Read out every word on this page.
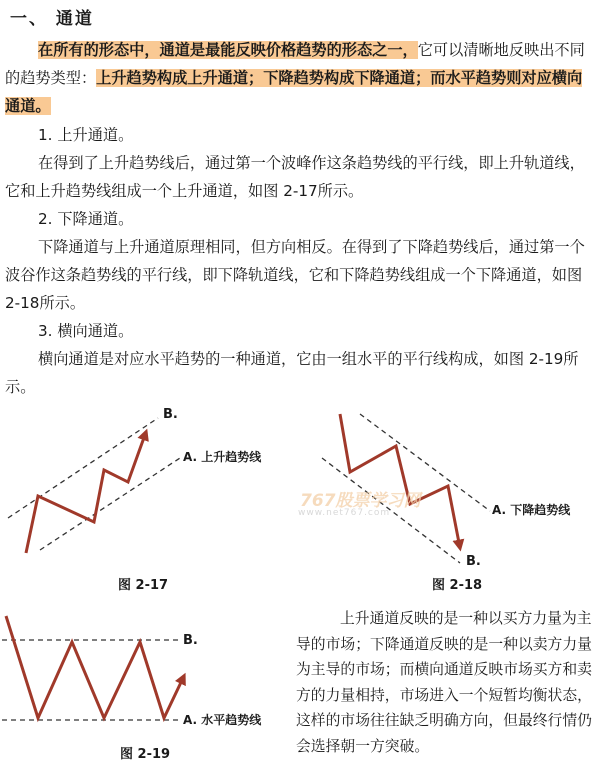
一、 通道

在所有的形态中，通道是最能反映价格趋势的形态之一，它可以清晰地反映出不同的趋势类型：上升趋势构成上升通道；下降趋势构成下降通道；而水平趋势则对应横向通道。

1. 上升通道。

在得到了上升趋势线后，通过第一个波峰作这条趋势线的平行线，即上升轨道线，它和上升趋势线组成一个上升通道，如图 2-17所示。

2. 下降通道。

下降通道与上升通道原理相同，但方向相反。在得到了下降趋势线后，通过第一个波谷作这条趋势线的平行线，即下降轨道线，它和下降趋势线组成一个下降通道，如图 2-18所示。

3. 横向通道。

横向通道是对应水平趋势的一种通道，它由一组水平的平行线构成，如图 2-19所示。

B.
A. 上升趋势线
图 2-17
A. 下降趋势线
B.
图 2-18
B.
A. 水平趋势线
图 2-19

上升通道反映的是一种以买方力量为主导的市场；下降通道反映的是一种以卖方力量为主导的市场；而横向通道反映市场买方和卖方的力量相持，市场进入一个短暂均衡状态，这样的市场往往缺乏明确方向，但最终行情仍会选择朝一方突破。

767股票学习网
www.net767.com
